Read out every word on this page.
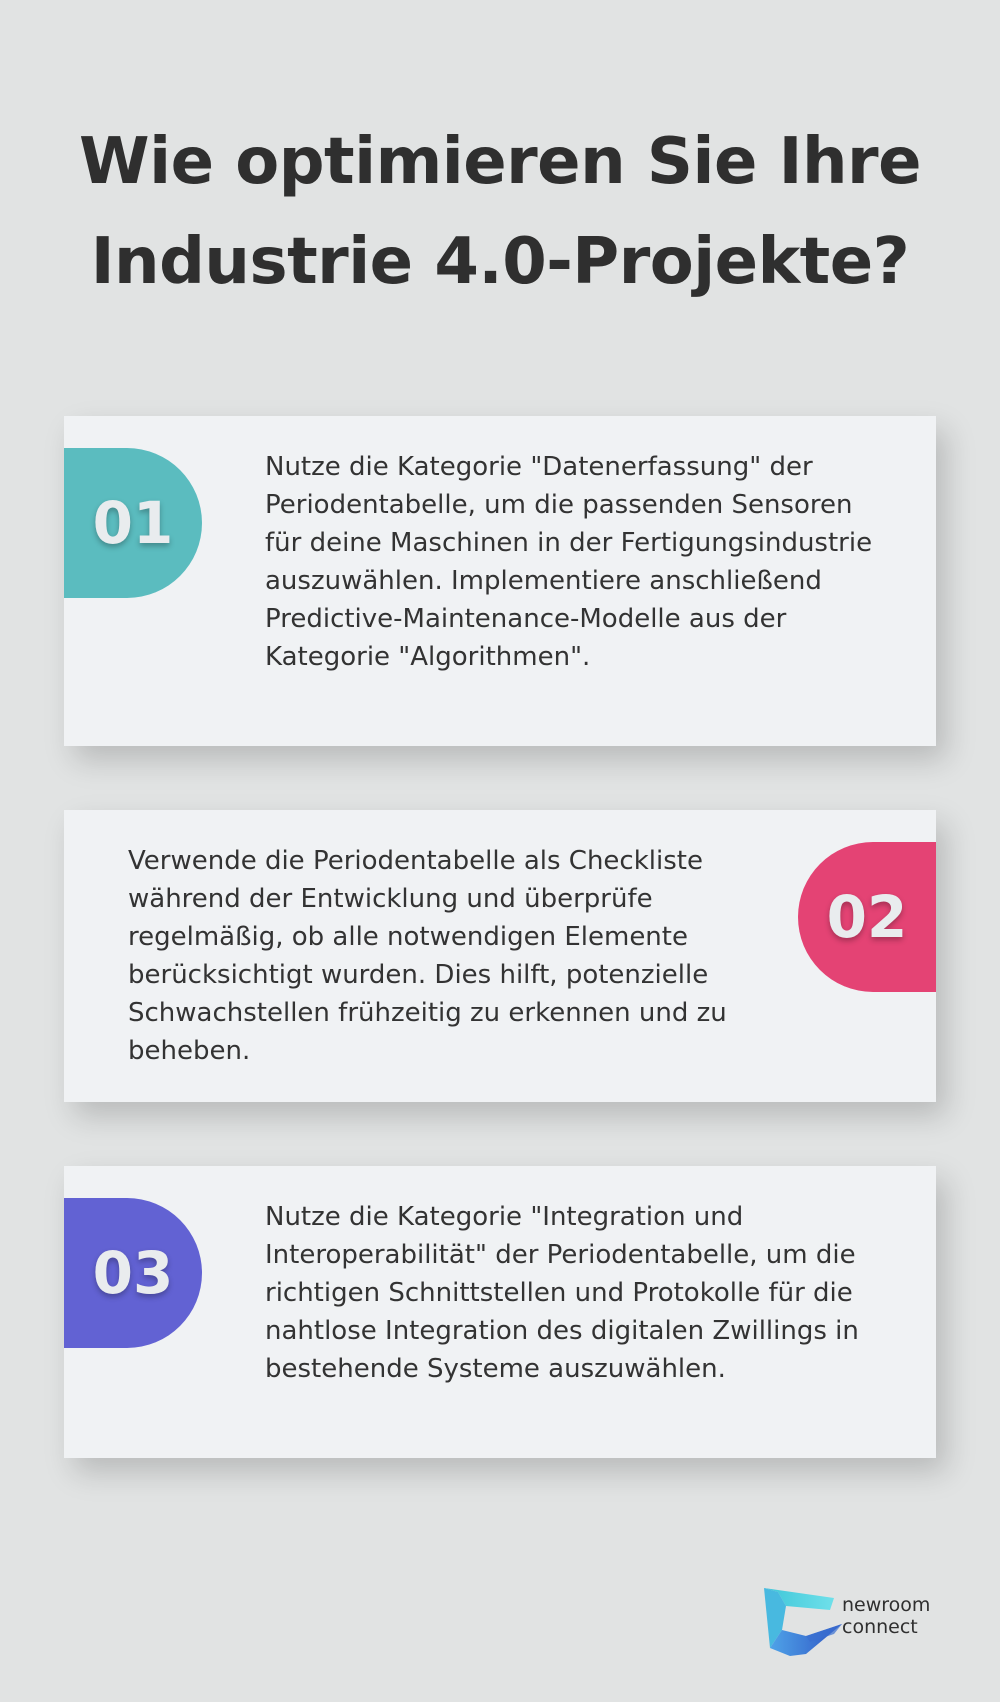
Wie optimieren Sie Ihre Industrie 4.0-Projekte?
01

Nutze die Kategorie "Datenerfassung" der Periodentabelle, um die passenden Sensoren für deine Maschinen in der Fertigungsindustrie auszuwählen. Implementiere anschließend Predictive-Maintenance-Modelle aus der Kategorie "Algorithmen".

Verwende die Periodentabelle als Checkliste während der Entwicklung und überprüfe regelmäßig, ob alle notwendigen Elemente berücksichtigt wurden. Dies hilft, potenzielle Schwachstellen frühzeitig zu erkennen und zu beheben.

02
03

Nutze die Kategorie "Integration und Interoperabilität" der Periodentabelle, um die richtigen Schnittstellen und Protokolle für die nahtlose Integration des digitalen Zwillings in bestehende Systeme auszuwählen.

newroom
connect
